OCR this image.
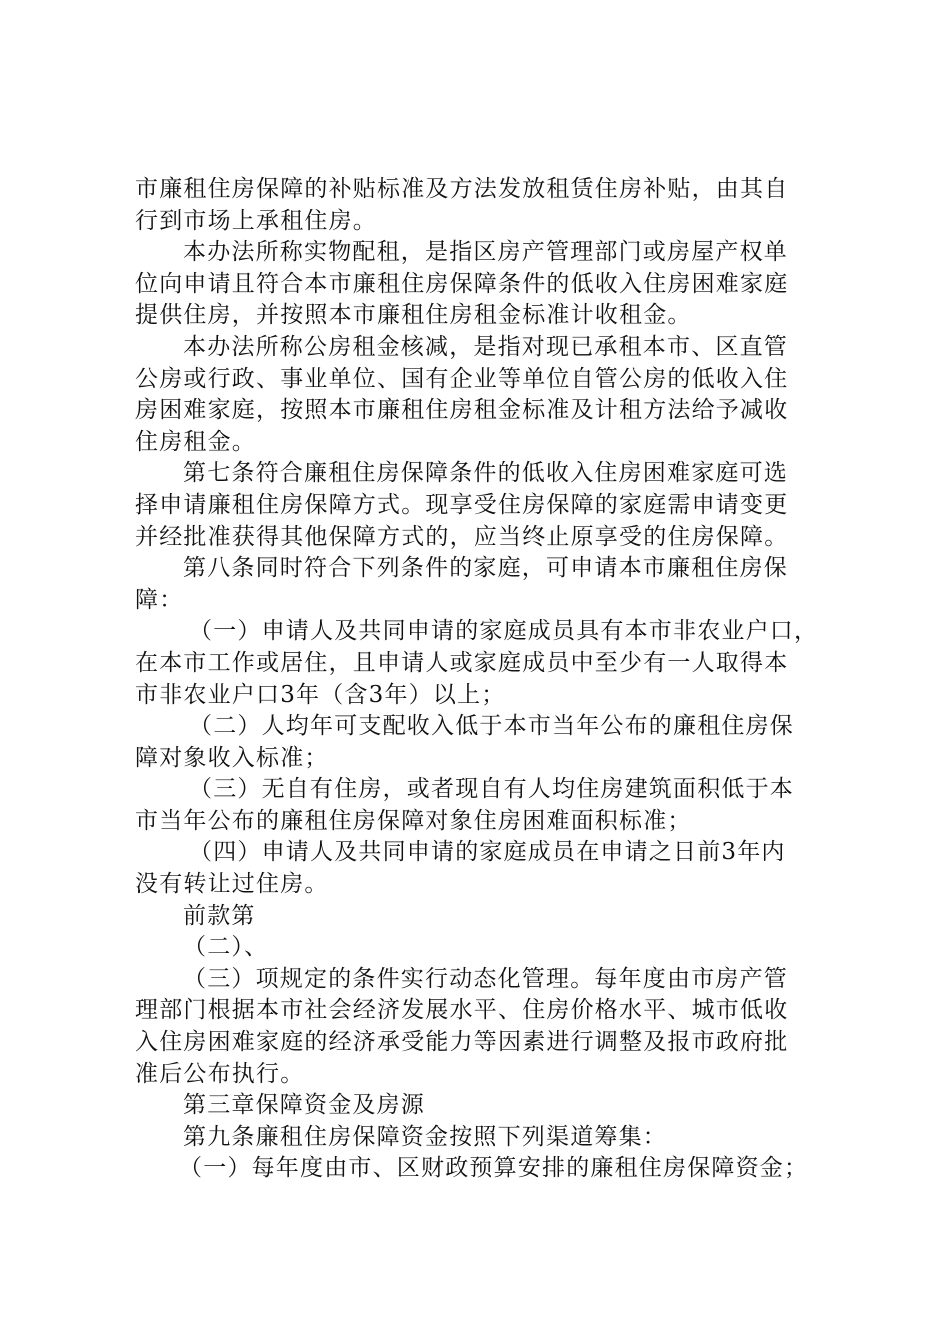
市廉租住房保障的补贴标准及方法发放租赁住房补贴，由其自
行到市场上承租住房。
本办法所称实物配租，是指区房产管理部门或房屋产权单
位向申请且符合本市廉租住房保障条件的低收入住房困难家庭
提供住房，并按照本市廉租住房租金标准计收租金。
本办法所称公房租金核减，是指对现已承租本市、区直管
公房或行政、事业单位、国有企业等单位自管公房的低收入住
房困难家庭，按照本市廉租住房租金标准及计租方法给予减收
住房租金。
第七条符合廉租住房保障条件的低收入住房困难家庭可选
择申请廉租住房保障方式。现享受住房保障的家庭需申请变更
并经批准获得其他保障方式的，应当终止原享受的住房保障。
第八条同时符合下列条件的家庭，可申请本市廉租住房保
障：
（一）申请人及共同申请的家庭成员具有本市非农业户口，
在本市工作或居住，且申请人或家庭成员中至少有一人取得本
市非农业户口3年（含3年）以上；
（二）人均年可支配收入低于本市当年公布的廉租住房保
障对象收入标准；
（三）无自有住房，或者现自有人均住房建筑面积低于本
市当年公布的廉租住房保障对象住房困难面积标准；
（四）申请人及共同申请的家庭成员在申请之日前3年内
没有转让过住房。
前款第
（二）、
（三）项规定的条件实行动态化管理。每年度由市房产管
理部门根据本市社会经济发展水平、住房价格水平、城市低收
入住房困难家庭的经济承受能力等因素进行调整及报市政府批
准后公布执行。
第三章保障资金及房源
第九条廉租住房保障资金按照下列渠道筹集：
（一）每年度由市、区财政预算安排的廉租住房保障资金；
